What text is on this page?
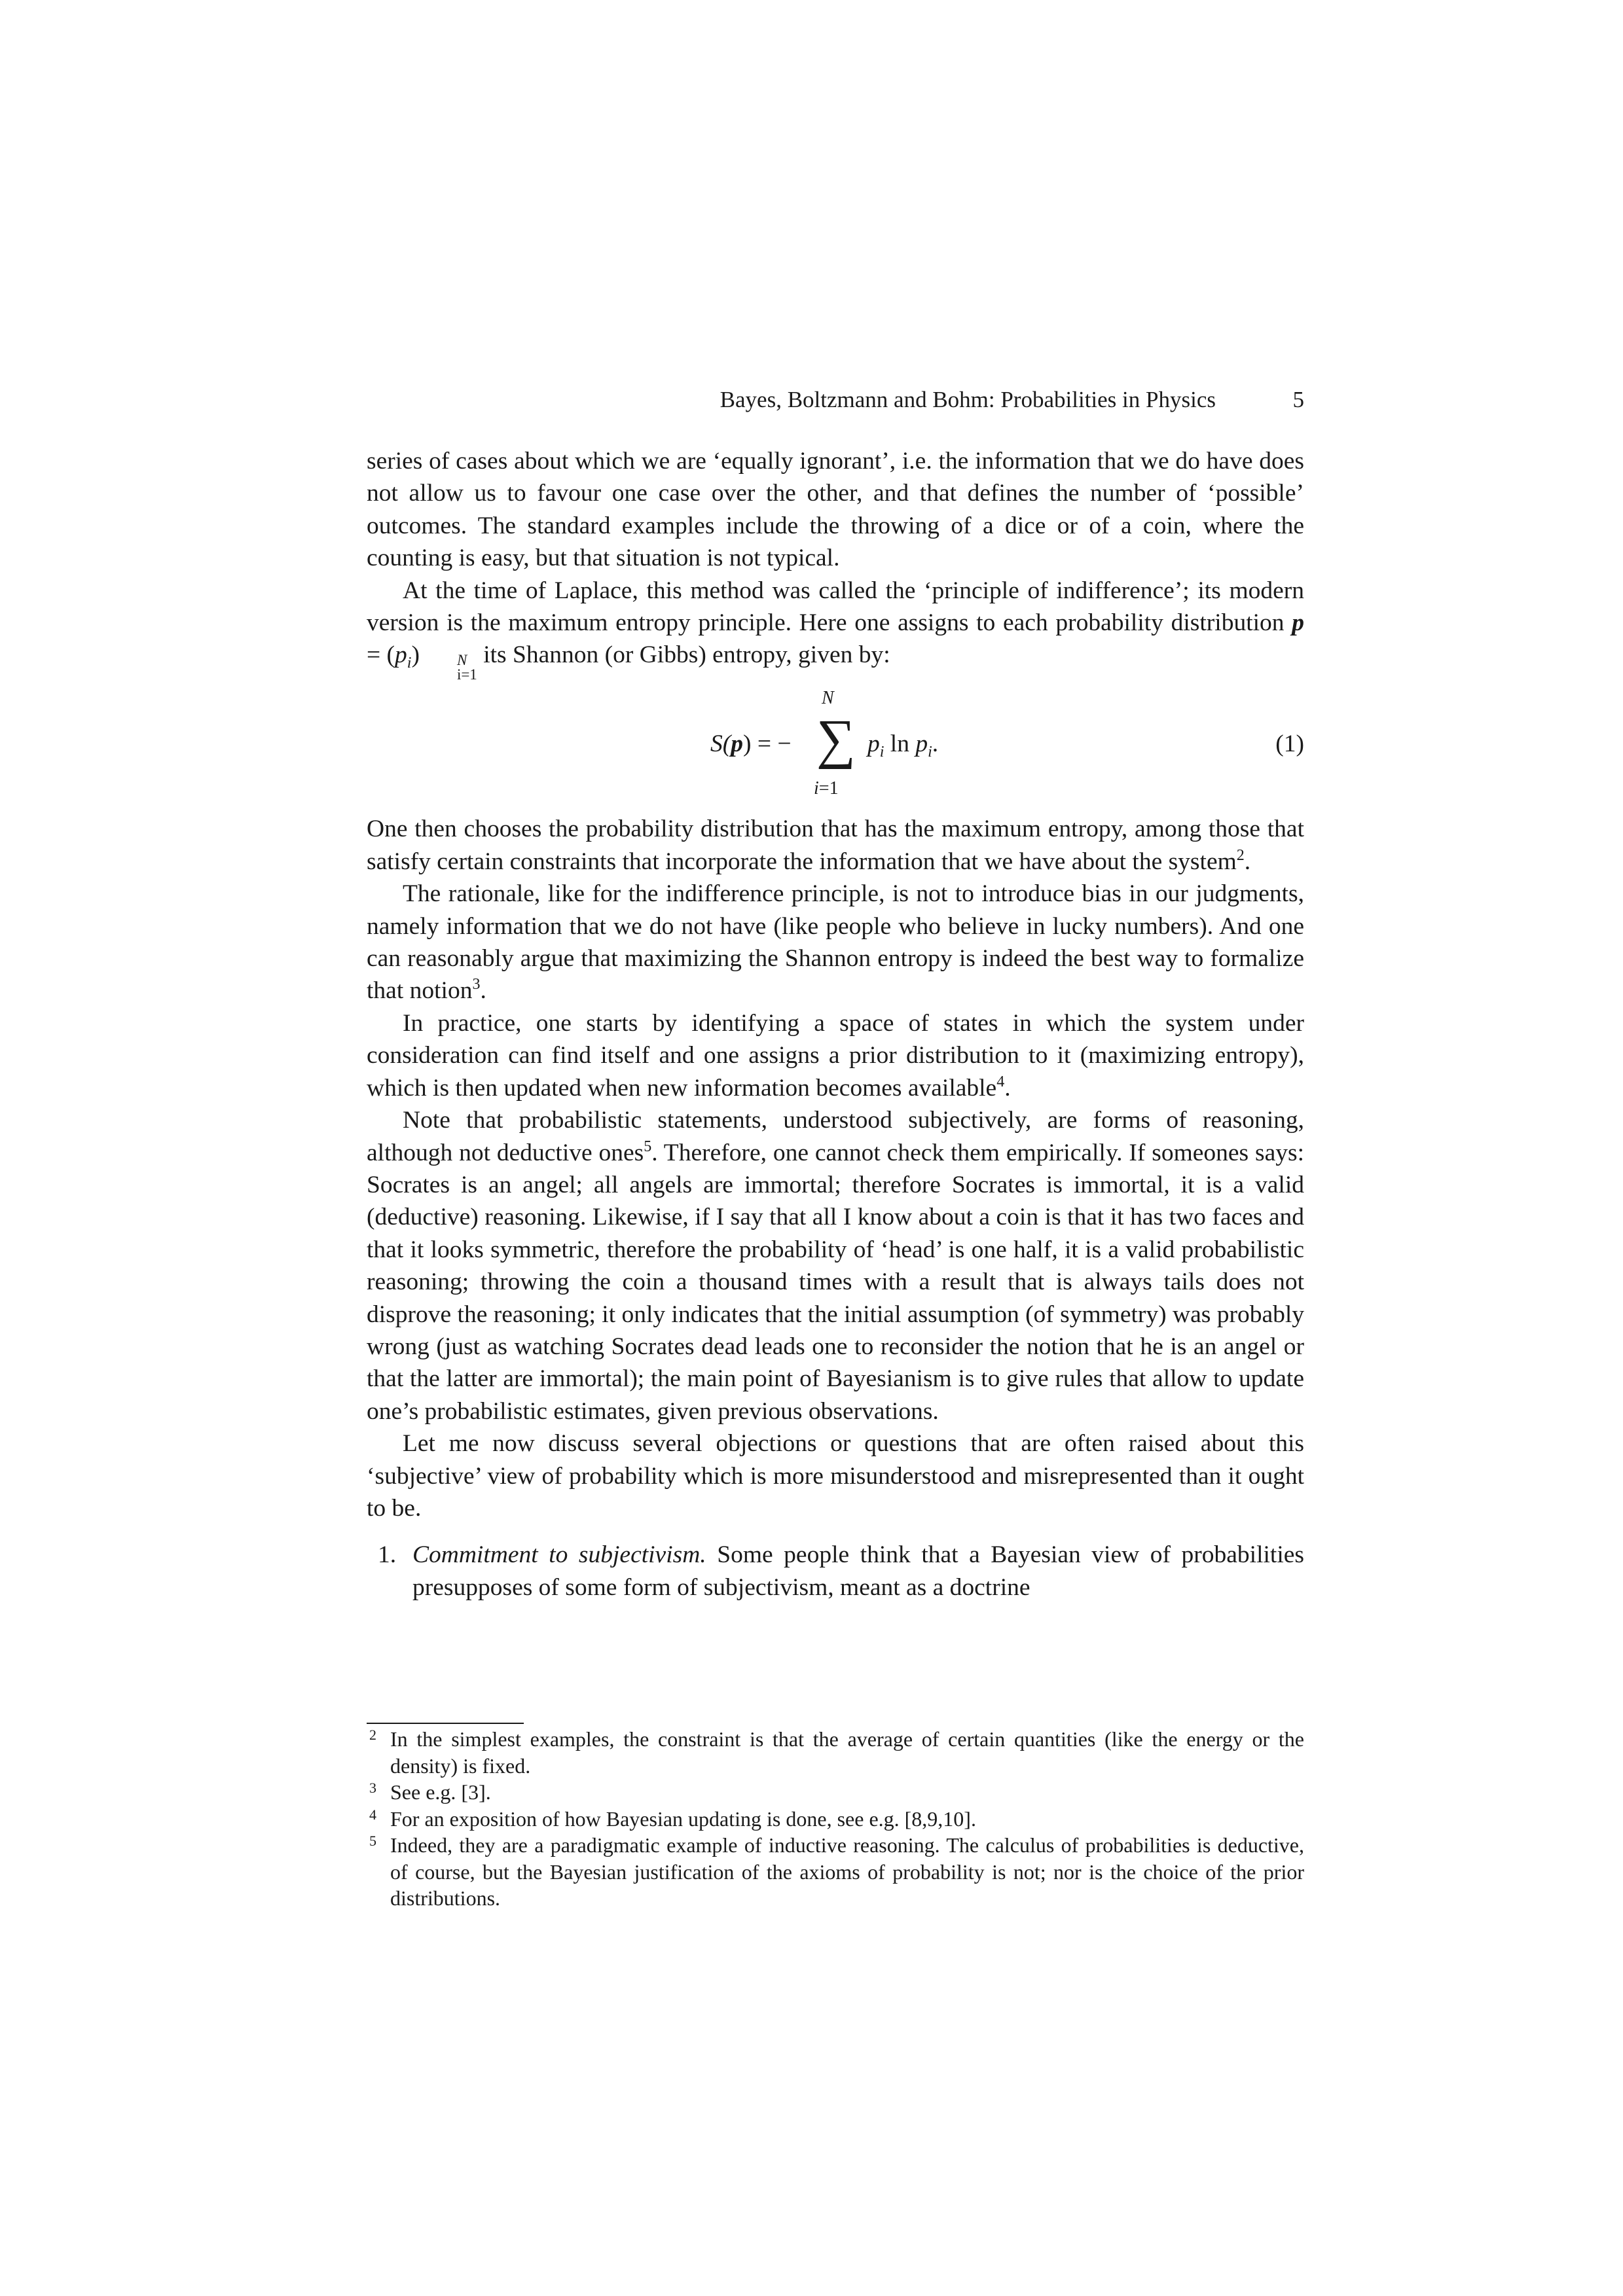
Bayes, Boltzmann and Bohm: Probabilities in Physics	5

series of cases about which we are ‘equally ignorant’, i.e. the information that we do have does not allow us to favour one case over the other, and that defines the number of ‘possible’ outcomes. The standard examples include the throwing of a dice or of a coin, where the counting is easy, but that situation is not typical.

At the time of Laplace, this method was called the ‘principle of indifference’; its modern version is the maximum entropy principle. Here one assigns to each probability distribution $p = (p_i)$	N
i=1
its Shannon (or Gibbs) entropy, given by:

S(p) = −
N
∑
i=1
$p_i$ $\ln p_i$.	(1)

One then chooses the probability distribution that has the maximum entropy, among those that satisfy certain constraints that incorporate the information that we have about the system$^2$.

The rationale, like for the indifference principle, is not to introduce bias in our judgments, namely information that we do not have (like people who believe in lucky numbers). And one can reasonably argue that maximizing the Shannon entropy is indeed the best way to formalize that notion$^3$.

In practice, one starts by identifying a space of states in which the system under consideration can find itself and one assigns a prior distribution to it (maximizing entropy), which is then updated when new information becomes available$^4$.

Note that probabilistic statements, understood subjectively, are forms of reasoning, although not deductive ones$^5$. Therefore, one cannot check them empirically. If someones says: Socrates is an angel; all angels are immortal; therefore Socrates is immortal, it is a valid (deductive) reasoning. Likewise, if I say that all I know about a coin is that it has two faces and that it looks symmetric, therefore the probability of ‘head’ is one half, it is a valid probabilistic reasoning; throwing the coin a thousand times with a result that is always tails does not disprove the reasoning; it only indicates that the initial assumption (of symmetry) was probably wrong (just as watching Socrates dead leads one to reconsider the notion that he is an angel or that the latter are immortal); the main point of Bayesianism is to give rules that allow to update one’s probabilistic estimates, given previous observations.

Let me now discuss several objections or questions that are often raised about this ‘subjective’ view of probability which is more misunderstood and misrepresented than it ought to be.

1. Commitment to subjectivism. Some people think that a Bayesian view of probabilities presupposes of some form of subjectivism, meant as a doctrine
2 In the simplest examples, the constraint is that the average of certain quantities (like the energy or the density) is fixed.
3 See e.g. [3].
4 For an exposition of how Bayesian updating is done, see e.g. [8,9,10].
5 Indeed, they are a paradigmatic example of inductive reasoning. The calculus of probabilities is deductive, of course, but the Bayesian justification of the axioms of probability is not; nor is the choice of the prior distributions.
